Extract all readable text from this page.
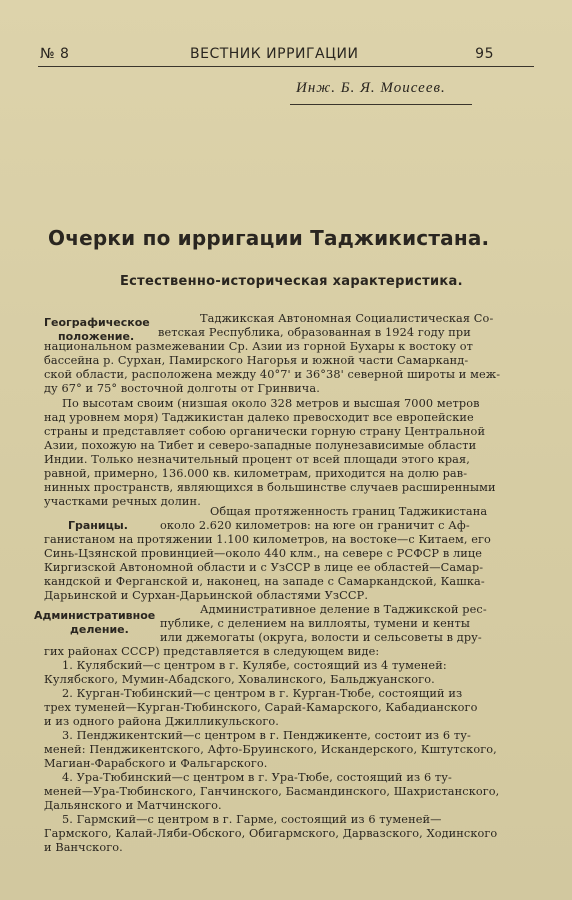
№ 8	ВЕСТНИК ИРРИГАЦИИ	95
Инж. Б. Я. Моисеев.
Очерки по ирригации Таджикистана.
Естественно-историческая характеристика.
Географическое
положение.
Границы.
Административное
деление.
Таджикская Автономная Социалистическая Со-
ветская Республика, образованная в 1924 году при
национальном размежевании Ср. Азии из горной Бухары к востоку от
бассейна р. Сурхан, Памирского Нагорья и южной части Самарканд-
ской области, расположена между 40°7' и 36°38' северной широты и меж-
ду 67° и 75° восточной долготы от Гринвича.
По высотам своим (низшая около 328 метров и высшая 7000 метров
над уровнем моря) Таджикистан далеко превосходит все европейские
страны и представляет собою органически горную страну Центральной
Азии, похожую на Тибет и северо-западные полунезависимые области
Индии. Только незначительный процент от всей площади этого края,
равной, примерно, 136.000 кв. километрам, приходится на долю рав-
нинных пространств, являющихся в большинстве случаев расширенными
участками речных долин.
Общая протяженность границ Таджикистана
около 2.620 километров: на юге он граничит с Аф-
ганистаном на протяжении 1.100 километров, на востоке—с Китаем, его
Синь-Цзянской провинцией—около 440 клм., на севере с РСФСР в лице
Киргизской Автономной области и с УзССР в лице ее областей—Самар-
кандской и Ферганской и, наконец, на западе с Самаркандской, Кашка-
Дарьинской и Сурхан-Дарьинской областями УзССР.
Административное деление в Таджикской рес-
публике, с делением на виллояты, тумени и кенты
или джемогаты (округа, волости и сельсоветы в дру-
гих районах СССР) представляется в следующем виде:
1. Кулябский—с центром в г. Кулябе, состоящий из 4 туменей:
Кулябского, Мумин-Абадского, Ховалинского, Бальджуанского.
2. Курган-Тюбинский—с центром в г. Курган-Тюбе, состоящий из
трех туменей—Курган-Тюбинского, Сарай-Камарского, Кабадианского
и из одного района Джилликульского.
3. Пенджикентский—с центром в г. Пенджикенте, состоит из 6 ту-
меней: Пенджикентского, Афто-Бруинского, Искандерского, Кштутского,
Магиан-Фарабского и Фальгарского.
4. Ура-Тюбинский—с центром в г. Ура-Тюбе, состоящий из 6 ту-
меней—Ура-Тюбинского, Ганчинского, Басмандинского, Шахристанского,
Дальянского и Матчинского.
5. Гармский—с центром в г. Гарме, состоящий из 6 туменей—
Гармского, Калай-Ляби-Обского, Обигармского, Дарвазского, Ходинского
и Ванчского.
